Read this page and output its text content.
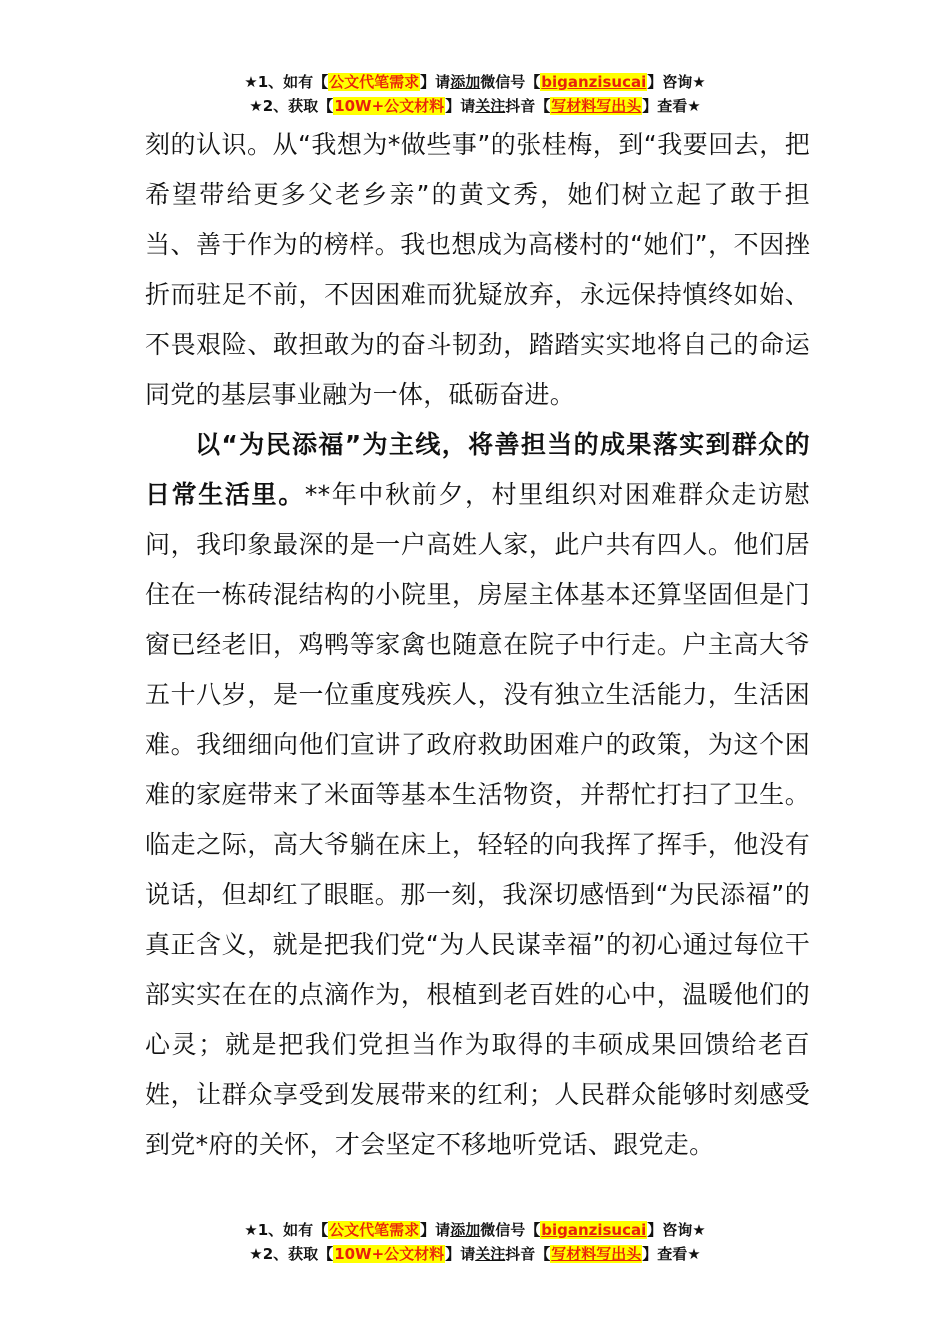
★1、如有【公文代笔需求】请添加微信号【biganzisucai】咨询★
★2、获取【10W+公文材料】请关注抖音【写材料写出头】查看★

刻的认识。从“我想为*做些事”的张桂梅，到“我要回去，把希望带给更多父老乡亲”的黄文秀，她们树立起了敢于担当、善于作为的榜样。我也想成为高楼村的“她们”，不因挫折而驻足不前，不因困难而犹疑放弃，永远保持慎终如始、不畏艰险、敢担敢为的奋斗韧劲，踏踏实实地将自己的命运同党的基层事业融为一体，砥砺奋进。

以“为民添福”为主线，将善担当的成果落实到群众的日常生活里。**年中秋前夕，村里组织对困难群众走访慰问，我印象最深的是一户高姓人家，此户共有四人。他们居住在一栋砖混结构的小院里，房屋主体基本还算坚固但是门窗已经老旧，鸡鸭等家禽也随意在院子中行走。户主高大爷五十八岁，是一位重度残疾人，没有独立生活能力，生活困难。我细细向他们宣讲了政府救助困难户的政策，为这个困难的家庭带来了米面等基本生活物资，并帮忙打扫了卫生。临走之际，高大爷躺在床上，轻轻的向我挥了挥手，他没有说话，但却红了眼眶。那一刻，我深切感悟到“为民添福”的真正含义，就是把我们党“为人民谋幸福”的初心通过每位干部实实在在的点滴作为，根植到老百姓的心中，温暖他们的心灵；就是把我们党担当作为取得的丰硕成果回馈给老百姓，让群众享受到发展带来的红利；人民群众能够时刻感受到党*府的关怀，才会坚定不移地听党话、跟党走。

★1、如有【公文代笔需求】请添加微信号【biganzisucai】咨询★
★2、获取【10W+公文材料】请关注抖音【写材料写出头】查看★
